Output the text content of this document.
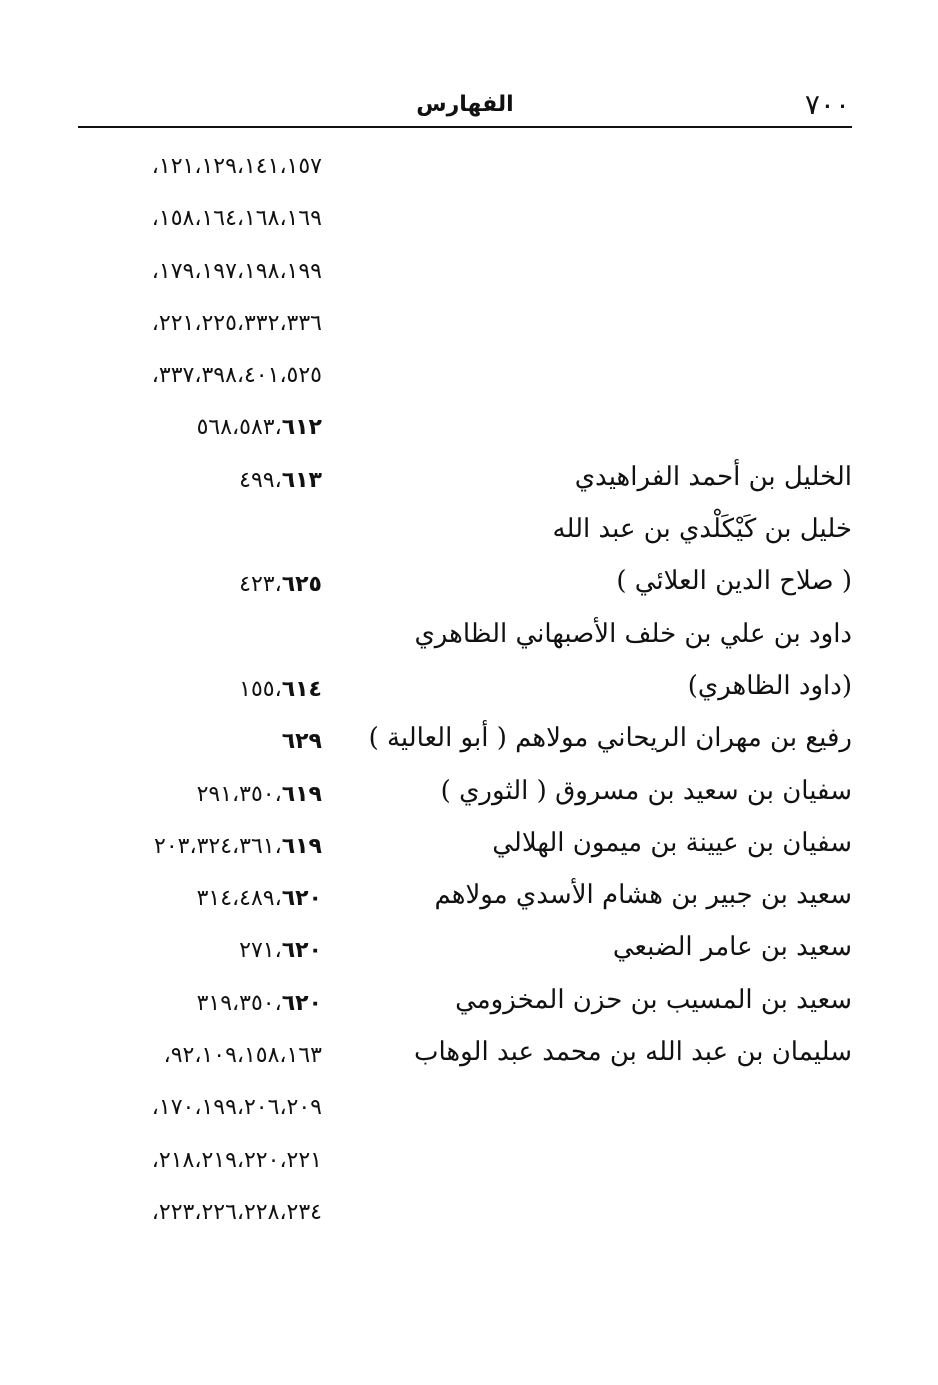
٧٠٠
الفهارس
١٢١،١٢٩،١٤١،١٥٧،
١٥٨،١٦٤،١٦٨،١٦٩،
١٧٩،١٩٧،١٩٨،١٩٩،
٢٢١،٢٢٥،٣٣٢،٣٣٦،
٣٣٧،٣٩٨،٤٠١،٥٢٥،
٥٦٨،٥٨٣،٦١٢
الخليل بن أحمد الفراهيدي
٤٩٩،٦١٣
خليل بن كَيْكَلْدي بن عبد الله
( صلاح الدين العلائي )
٤٢٣،٦٢٥
داود بن علي بن خلف الأصبهاني الظاهري
(داود الظاهري)
١٥٥،٦١٤
رفيع بن مهران الريحاني مولاهم ( أبو العالية )
٦٢٩
سفيان بن سعيد بن مسروق ( الثوري )
٢٩١،٣٥٠،٦١٩
سفيان بن عيينة بن ميمون الهلالي
٢٠٣،٣٢٤،٣٦١،٦١٩
سعيد بن جبير بن هشام الأسدي مولاهم
٣١٤،٤٨٩،٦٢٠
سعيد بن عامر الضبعي
٢٧١،٦٢٠
سعيد بن المسيب بن حزن المخزومي
٣١٩،٣٥٠،٦٢٠
سليمان بن عبد الله بن محمد عبد الوهاب
٩٢،١٠٩،١٥٨،١٦٣،
١٧٠،١٩٩،٢٠٦،٢٠٩،
٢١٨،٢١٩،٢٢٠،٢٢١،
٢٢٣،٢٢٦،٢٢٨،٢٣٤،
